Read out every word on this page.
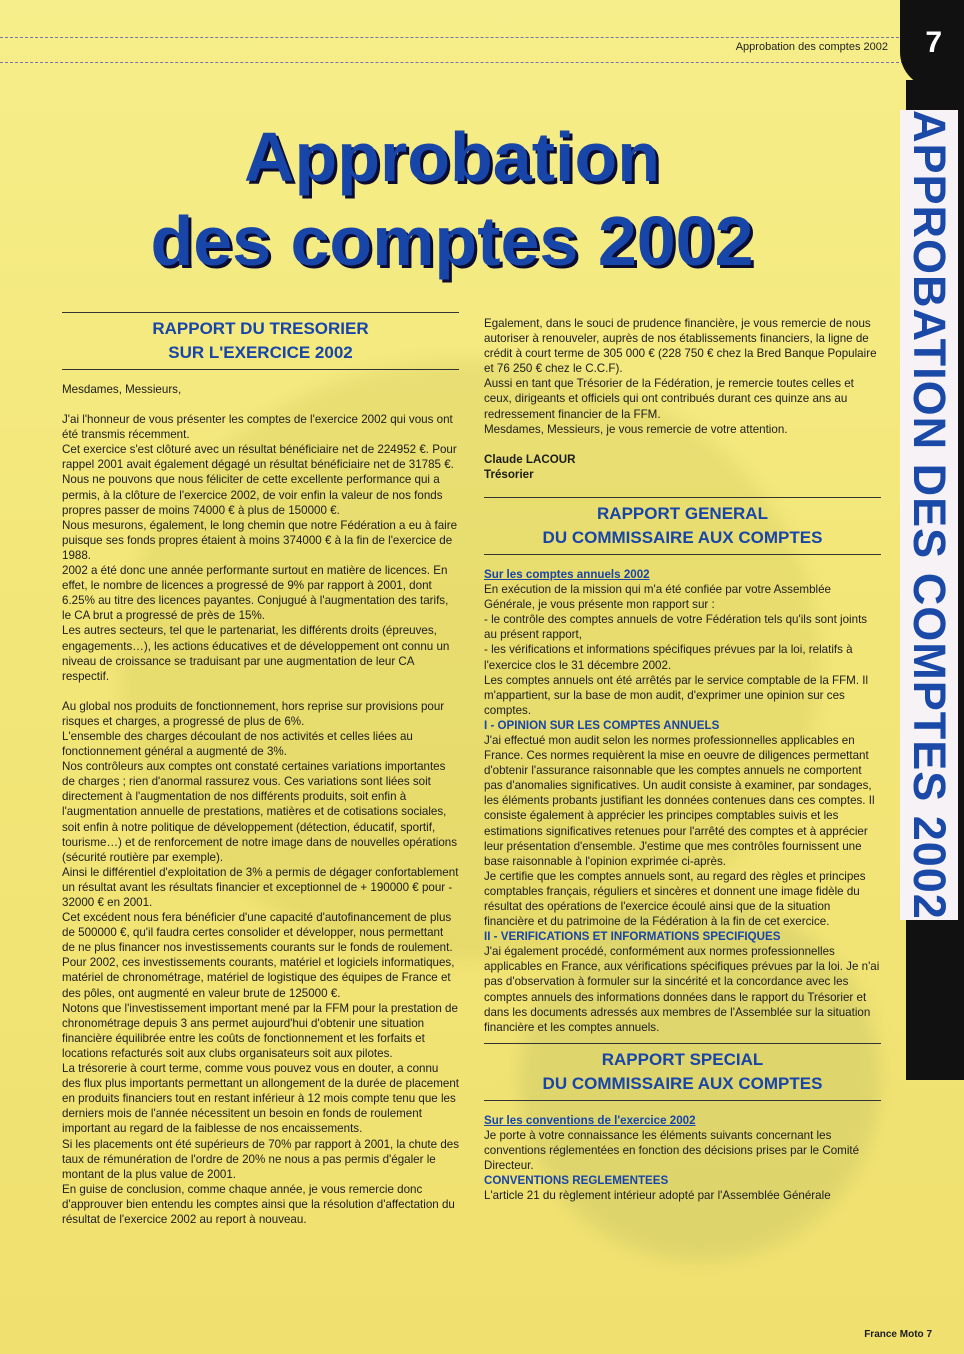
Approbation des comptes 2002 7
APPROBATION DES COMPTES 2002
Approbation
des comptes 2002
RAPPORT DU TRESORIER
SUR L'EXERCICE 2002

Mesdames, Messieurs,

J'ai l'honneur de vous présenter les comptes de l'exercice 2002 qui vous ont été transmis récemment.

Cet exercice s'est clôturé avec un résultat bénéficiaire net de 224952 €. Pour rappel 2001 avait également dégagé un résultat bénéficiaire net de 31785 €.

Nous ne pouvons que nous féliciter de cette excellente performance qui a permis, à la clôture de l'exercice 2002, de voir enfin la valeur de nos fonds propres passer de moins 74000 € à plus de 150000 €.

Nous mesurons, également, le long chemin que notre Fédération a eu à faire puisque ses fonds propres étaient à moins 374000 € à la fin de l'exercice de 1988.

2002 a été donc une année performante surtout en matière de licences. En effet, le nombre de licences a progressé de 9% par rapport à 2001, dont 6.25% au titre des licences payantes. Conjugué à l'augmentation des tarifs, le CA brut a progressé de près de 15%.

Les autres secteurs, tel que le partenariat, les différents droits (épreuves, engagements…), les actions éducatives et de développement ont connu un niveau de croissance se traduisant par une augmentation de leur CA respectif.

Au global nos produits de fonctionnement, hors reprise sur provisions pour risques et charges, a progressé de plus de 6%.

L'ensemble des charges découlant de nos activités et celles liées au fonctionnement général a augmenté de 3%.

Nos contrôleurs aux comptes ont constaté certaines variations importantes de charges ; rien d'anormal rassurez vous. Ces variations sont liées soit directement à l'augmentation de nos différents produits, soit enfin à l'augmentation annuelle de prestations, matières et de cotisations sociales, soit enfin à notre politique de développement (détection, éducatif, sportif, tourisme…) et de renforcement de notre image dans de nouvelles opérations (sécurité routière par exemple).

Ainsi le différentiel d'exploitation de 3% a permis de dégager confortablement un résultat avant les résultats financier et exceptionnel de + 190000 € pour - 32000 € en 2001.

Cet excédent nous fera bénéficier d'une capacité d'autofinancement de plus de 500000 €, qu'il faudra certes consolider et développer, nous permettant de ne plus financer nos investissements courants sur le fonds de roulement.

Pour 2002, ces investissements courants, matériel et logiciels informatiques, matériel de chronométrage, matériel de logistique des équipes de France et des pôles, ont augmenté en valeur brute de 125000 €.

Notons que l'investissement important mené par la FFM pour la prestation de chronométrage depuis 3 ans permet aujourd'hui d'obtenir une situation financière équilibrée entre les coûts de fonctionnement et les forfaits et locations refacturés soit aux clubs organisateurs soit aux pilotes.

La trésorerie à court terme, comme vous pouvez vous en douter, a connu des flux plus importants permettant un allongement de la durée de placement en produits financiers tout en restant inférieur à 12 mois compte tenu que les derniers mois de l'année nécessitent un besoin en fonds de roulement important au regard de la faiblesse de nos encaissements.

Si les placements ont été supérieurs de 70% par rapport à 2001, la chute des taux de rémunération de l'ordre de 20% ne nous a pas permis d'égaler le montant de la plus value de 2001.

En guise de conclusion, comme chaque année, je vous remercie donc d'approuver bien entendu les comptes ainsi que la résolution d'affectation du résultat de l'exercice 2002 au report à nouveau.

Egalement, dans le souci de prudence financière, je vous remercie de nous autoriser à renouveler, auprès de nos établissements financiers, la ligne de crédit à court terme de 305 000 € (228 750 € chez la Bred Banque Populaire et 76 250 € chez le C.C.F).

Aussi en tant que Trésorier de la Fédération, je remercie toutes celles et ceux, dirigeants et officiels qui ont contribués durant ces quinze ans au redressement financier de la FFM.

Mesdames, Messieurs, je vous remercie de votre attention.

Claude LACOUR

Trésorier

RAPPORT GENERAL
DU COMMISSAIRE AUX COMPTES

Sur les comptes annuels 2002

En exécution de la mission qui m'a été confiée par votre Assemblée Générale, je vous présente mon rapport sur :

- le contrôle des comptes annuels de votre Fédération tels qu'ils sont joints au présent rapport,

- les vérifications et informations spécifiques prévues par la loi, relatifs à l'exercice clos le 31 décembre 2002.

Les comptes annuels ont été arrêtés par le service comptable de la FFM. Il m'appartient, sur la base de mon audit, d'exprimer une opinion sur ces comptes.

I - OPINION SUR LES COMPTES ANNUELS

J'ai effectué mon audit selon les normes professionnelles applicables en France. Ces normes requièrent la mise en oeuvre de diligences permettant d'obtenir l'assurance raisonnable que les comptes annuels ne comportent pas d'anomalies significatives. Un audit consiste à examiner, par sondages, les éléments probants justifiant les données contenues dans ces comptes. Il consiste également à apprécier les principes comptables suivis et les estimations significatives retenues pour l'arrêté des comptes et à apprécier leur présentation d'ensemble. J'estime que mes contrôles fournissent une base raisonnable à l'opinion exprimée ci-après.

Je certifie que les comptes annuels sont, au regard des règles et principes comptables français, réguliers et sincères et donnent une image fidèle du résultat des opérations de l'exercice écoulé ainsi que de la situation financière et du patrimoine de la Fédération à la fin de cet exercice.

II - VERIFICATIONS ET INFORMATIONS SPECIFIQUES

J'ai également procédé, conformément aux normes professionnelles applicables en France, aux vérifications spécifiques prévues par la loi. Je n'ai pas d'observation à formuler sur la sincérité et la concordance avec les comptes annuels des informations données dans le rapport du Trésorier et dans les documents adressés aux membres de l'Assemblée sur la situation financière et les comptes annuels.

RAPPORT SPECIAL
DU COMMISSAIRE AUX COMPTES

Sur les conventions de l'exercice 2002

Je porte à votre connaissance les éléments suivants concernant les conventions réglementées en fonction des décisions prises par le Comité Directeur.

CONVENTIONS REGLEMENTEES

L'article 21 du règlement intérieur adopté par l'Assemblée Générale

France Moto 7
